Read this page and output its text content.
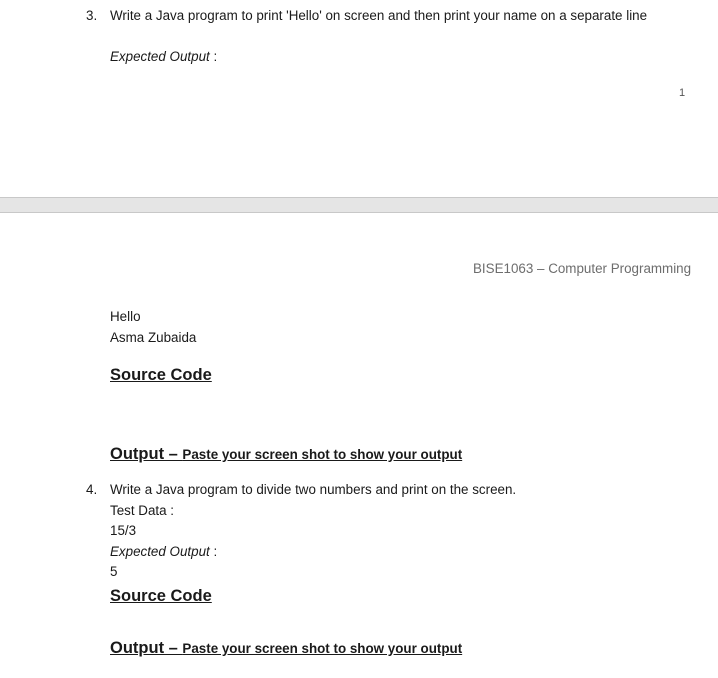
3. Write a Java program to print 'Hello' on screen and then print your name on a separate line
Expected Output :
1
BISE1063 – Computer Programming
Hello
Asma Zubaida
Source Code
Output – Paste your screen shot to show your output
4. Write a Java program to divide two numbers and print on the screen.
Test Data :
15/3
Expected Output :
5
Source Code
Output – Paste your screen shot to show your output
